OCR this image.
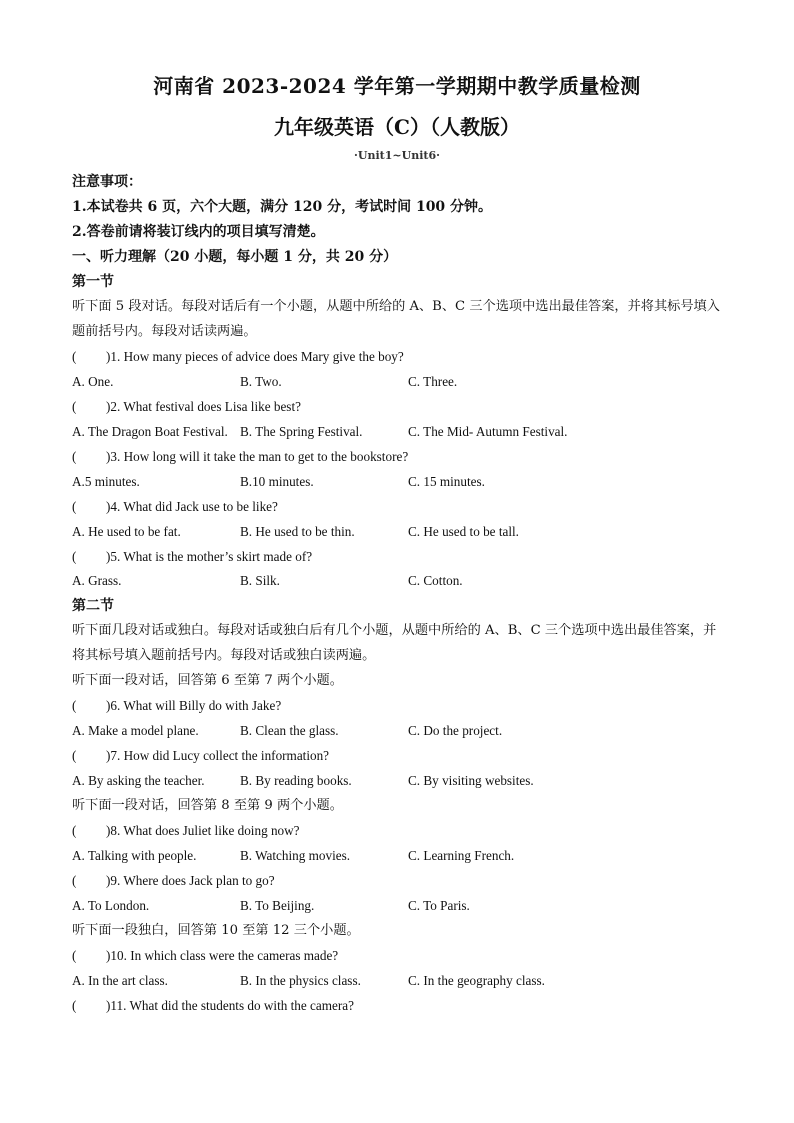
河南省 2023-2024 学年第一学期期中教学质量检测
九年级英语（C）（人教版）
·Unit1~Unit6·
注意事项：
1.本试卷共 6 页，六个大题，满分 120 分，考试时间 100 分钟。
2.答卷前请将装订线内的项目填写清楚。
一、听力理解（20 小题，每小题 1 分，共 20 分）
第一节
听下面 5 段对话。每段对话后有一个小题，从题中所给的 A、B、C 三个选项中选出最佳答案，并将其标号填入题前括号内。每段对话读两遍。
( )1. How many pieces of advice does Mary give the boy?
A. One.	B. Two.	C. Three.
( )2. What festival does Lisa like best?
A. The Dragon Boat Festival. B. The Spring Festival.	C. The Mid- Autumn Festival.
( )3. How long will it take the man to get to the bookstore?
A.5 minutes.	B.10 minutes.	C. 15 minutes.
( )4. What did Jack use to be like?
A. He used to be fat.	B. He used to be thin.	C. He used to be tall.
( )5. What is the mother’s skirt made of?
A. Grass.	B. Silk.	C. Cotton.
第二节
听下面几段对话或独白。每段对话或独白后有几个小题，从题中所给的 A、B、C 三个选项中选出最佳答案，并将其标号填入题前括号内。每段对话或独白读两遍。
听下面一段对话，回答第 6 至第 7 两个小题。
( )6. What will Billy do with Jake?
A. Make a model plane.	B. Clean the glass.	C. Do the project.
( )7. How did Lucy collect the information?
A. By asking the teacher.	B. By reading books.	C. By visiting websites.
听下面一段对话，回答第 8 至第 9 两个小题。
( )8. What does Juliet like doing now?
A. Talking with people.	B. Watching movies.	C. Learning French.
( )9. Where does Jack plan to go?
A. To London.	B. To Beijing.	C. To Paris.
听下面一段独白，回答第 10 至第 12 三个小题。
( )10. In which class were the cameras made?
A. In the art class.	B. In the physics class.	C. In the geography class.
( )11. What did the students do with the camera?
